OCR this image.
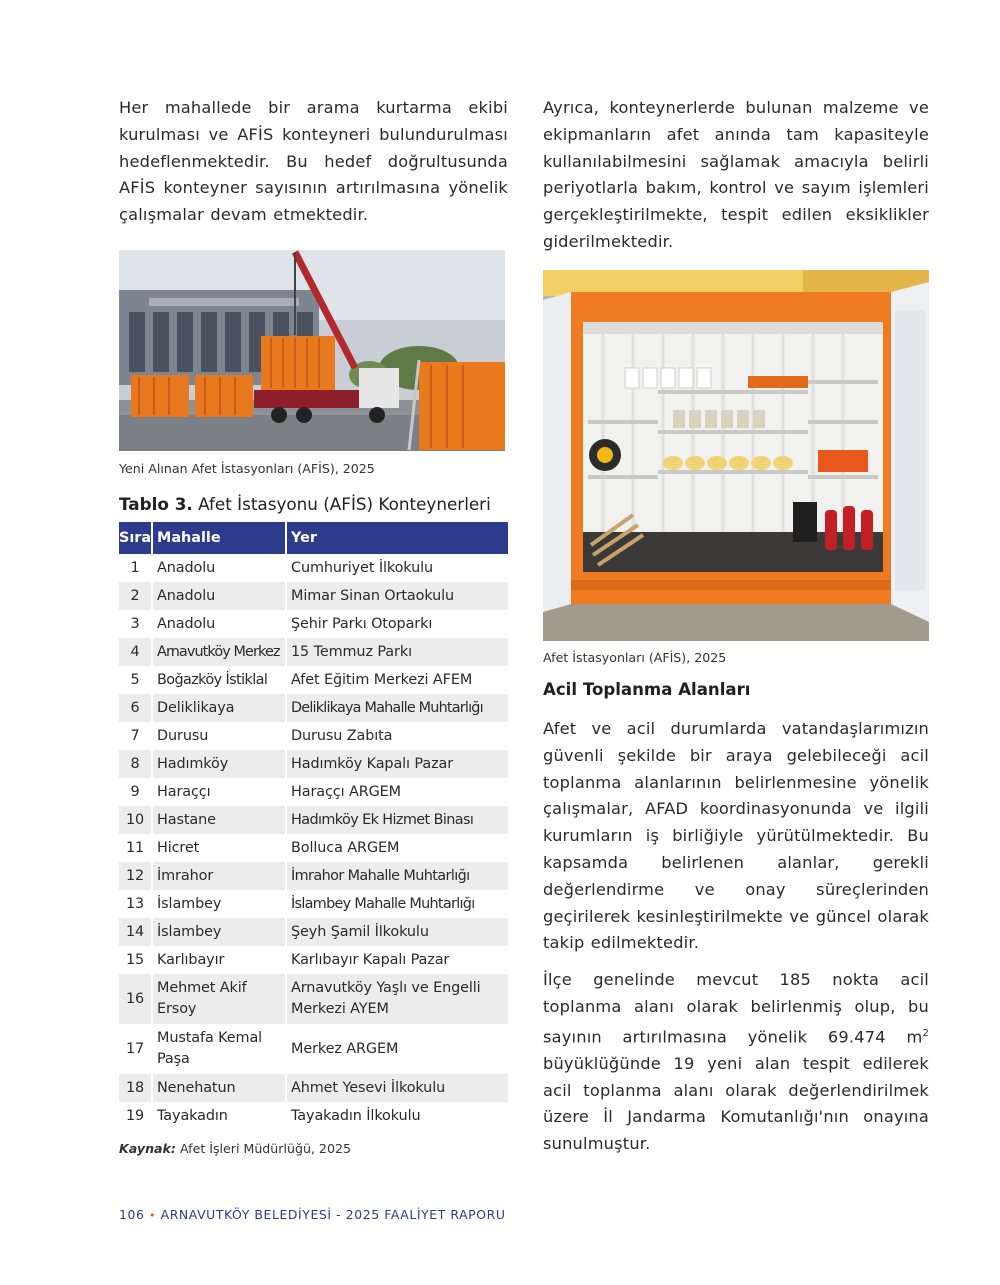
Her mahallede bir arama kurtarma ekibi kurulması ve AFİS konteyneri bulundurulması hedeflenmektedir. Bu hedef doğrultusunda AFİS konteyner sayısının artırılmasına yönelik çalışmalar devam etmektedir.

Yeni Alınan Afet İstasyonları (AFİS), 2025

Tablo 3. Afet İstasyonu (AFİS) Konteynerleri

Sıra	Mahalle	Yer
1	Anadolu	Cumhuriyet İlkokulu
2	Anadolu	Mimar Sinan Ortaokulu
3	Anadolu	Şehir Parkı Otoparkı
4	Arnavutköy Merkez	15 Temmuz Parkı
5	Boğazköy İstiklal	Afet Eğitim Merkezi AFEM
6	Deliklikaya	Deliklikaya Mahalle Muhtarlığı
7	Durusu	Durusu Zabıta
8	Hadımköy	Hadımköy Kapalı Pazar
9	Haraççı	Haraççı ARGEM
10	Hastane	Hadımköy Ek Hizmet Binası
11	Hicret	Bolluca ARGEM
12	İmrahor	İmrahor Mahalle Muhtarlığı
13	İslambey	İslambey Mahalle Muhtarlığı
14	İslambey	Şeyh Şamil İlkokulu
15	Karlıbayır	Karlıbayır Kapalı Pazar
16	Mehmet Akif Ersoy	Arnavutköy Yaşlı ve Engelli Merkezi AYEM
17	Mustafa Kemal Paşa	Merkez ARGEM
18	Nenehatun	Ahmet Yesevi İlkokulu
19	Tayakadın	Tayakadın İlkokulu

Kaynak: Afet İşleri Müdürlüğü, 2025

Ayrıca, konteynerlerde bulunan malzeme ve ekipmanların afet anında tam kapasiteyle kullanılabilmesini sağlamak amacıyla belirli periyotlarla bakım, kontrol ve sayım işlemleri gerçekleştirilmekte, tespit edilen eksiklikler giderilmektedir.

Afet İstasyonları (AFİS), 2025

Acil Toplanma Alanları

Afet ve acil durumlarda vatandaşlarımızın güvenli şekilde bir araya gelebileceği acil toplanma alanlarının belirlenmesine yönelik çalışmalar, AFAD koordinasyonunda ve ilgili kurumların iş birliğiyle yürütülmektedir. Bu kapsamda belirlenen alanlar, gerekli değerlendirme ve onay süreçlerinden geçirilerek kesinleştirilmekte ve güncel olarak takip edilmektedir.

İlçe genelinde mevcut 185 nokta acil toplanma alanı olarak belirlenmiş olup, bu sayının artırılmasına yönelik 69.474 $m^2$ büyüklüğünde 19 yeni alan tespit edilerek acil toplanma alanı olarak değerlendirilmek üzere İl Jandarma Komutanlığı'nın onayına sunulmuştur.

106 • ARNAVUTKÖY BELEDİYESİ - 2025 FAALİYET RAPORU
